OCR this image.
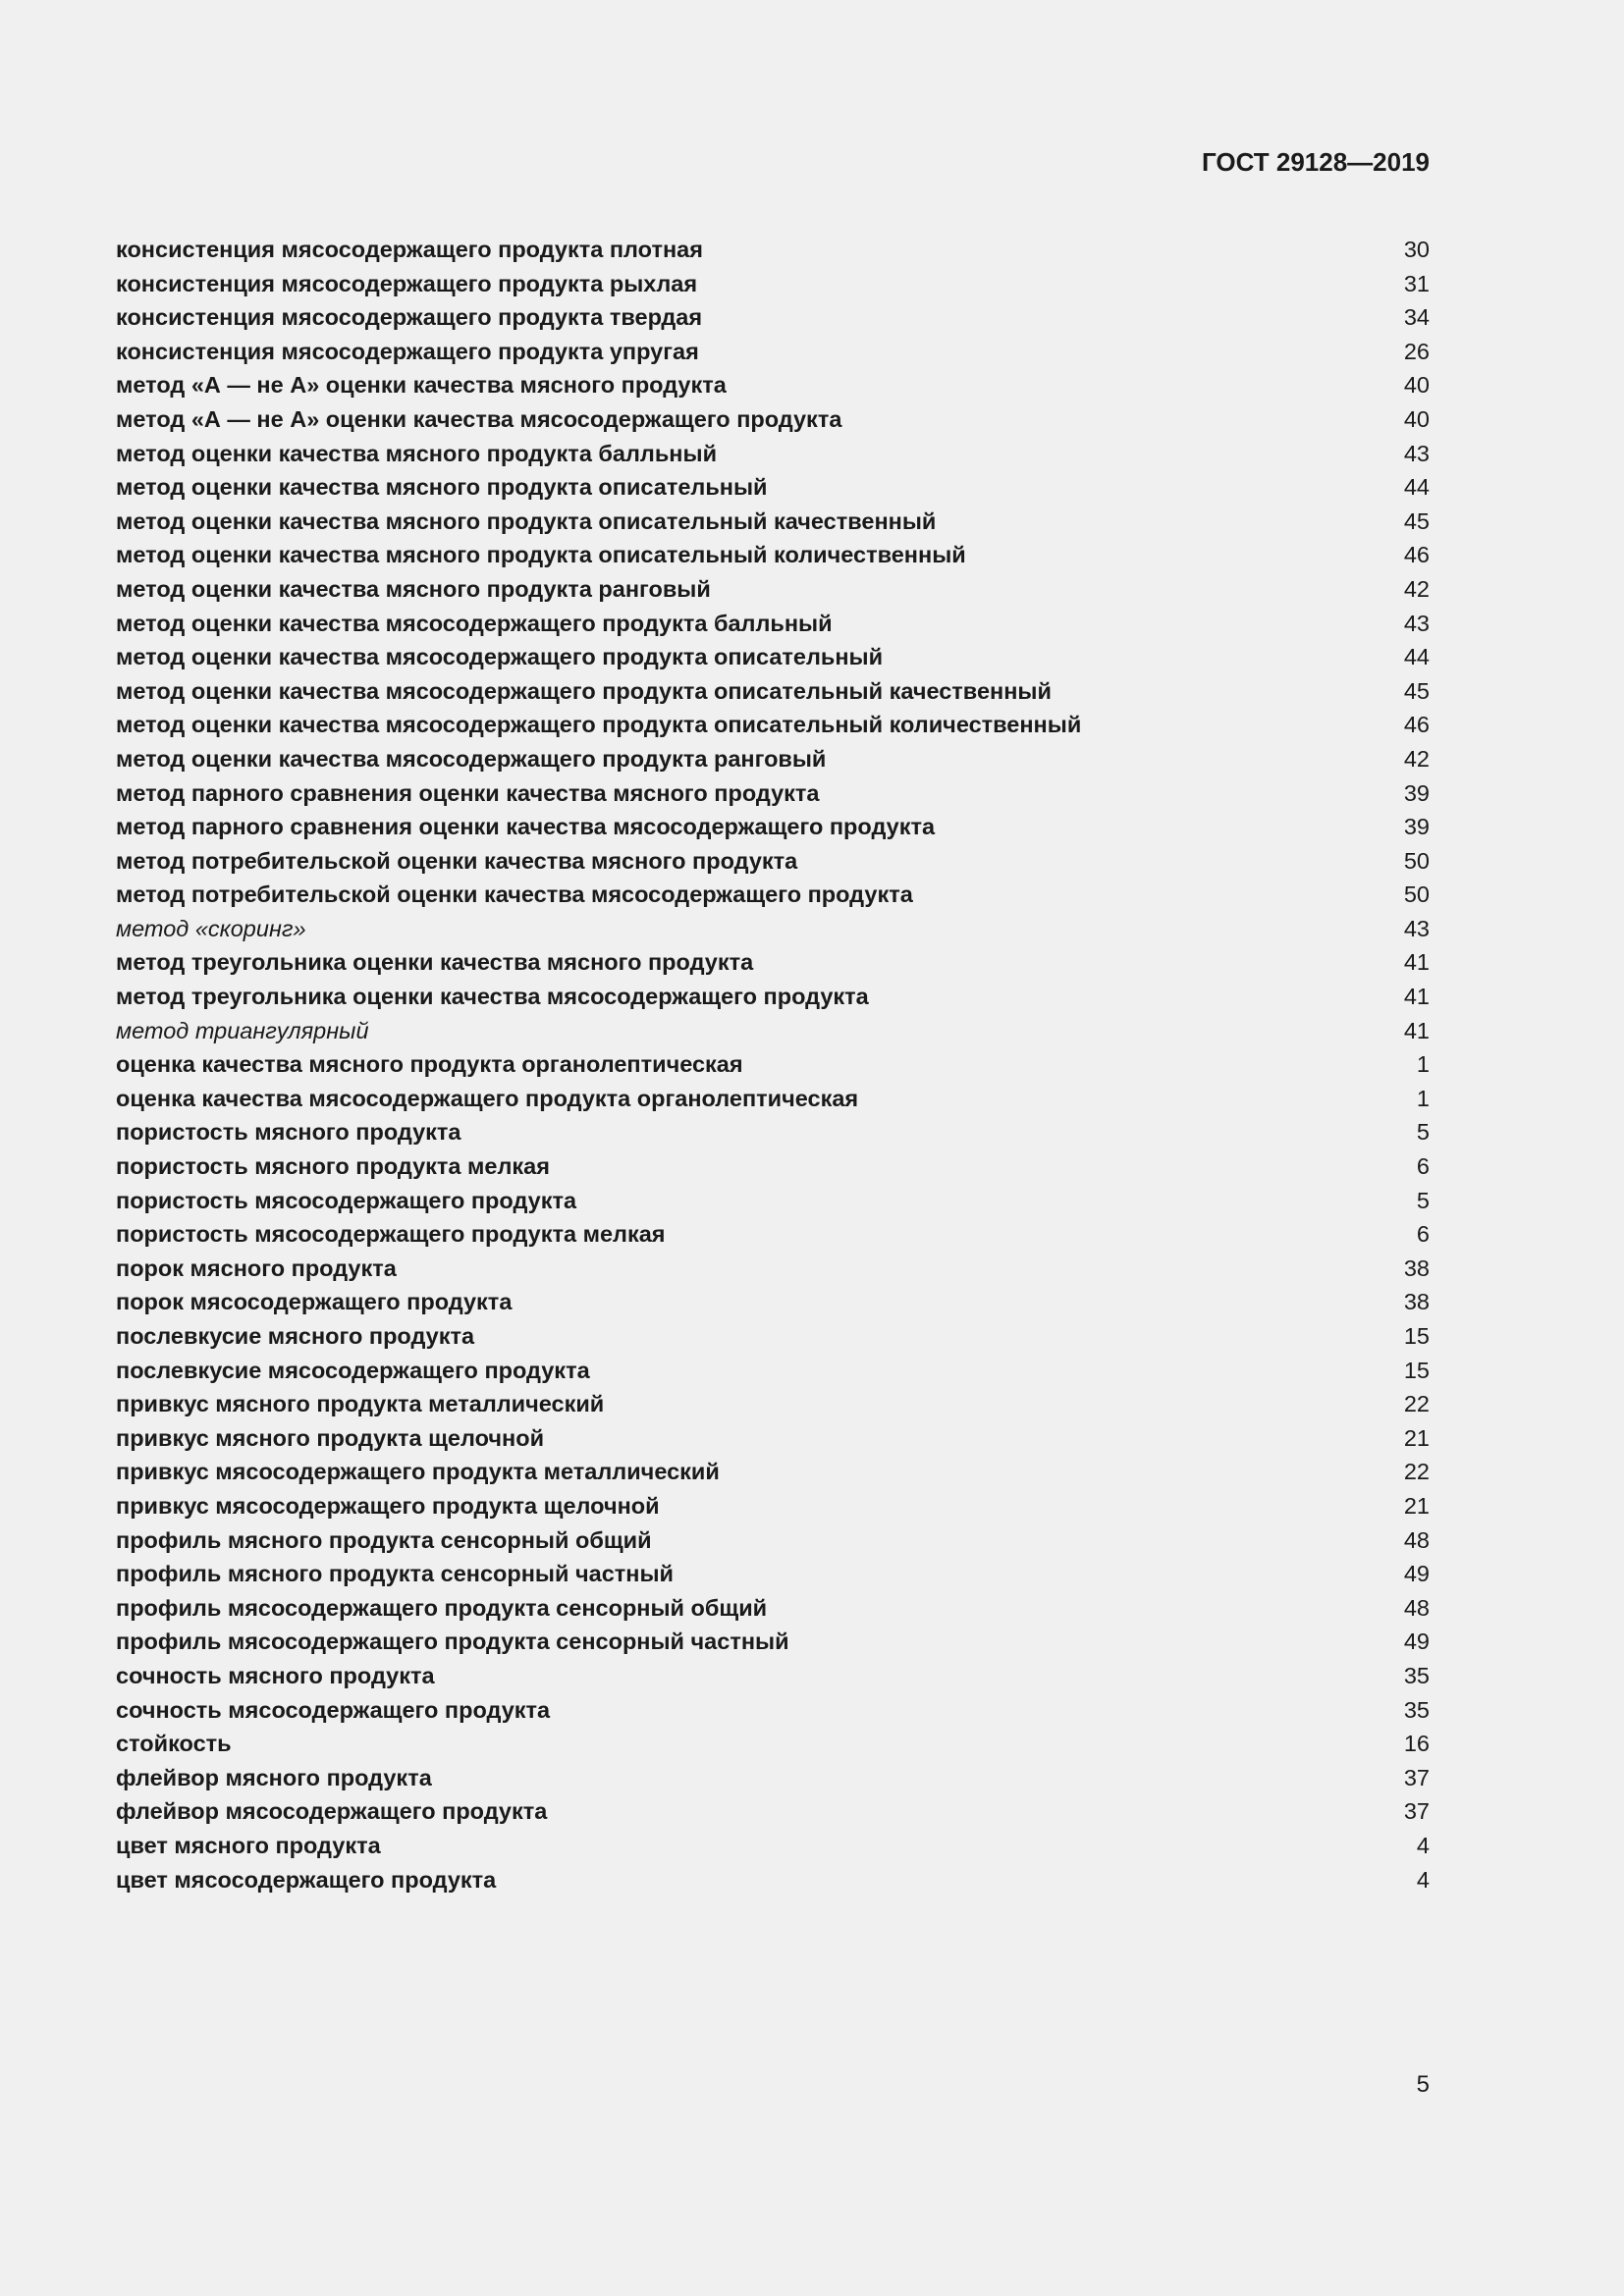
ГОСТ 29128—2019
консистенция мясосодержащего продукта плотная	30
консистенция мясосодержащего продукта рыхлая	31
консистенция мясосодержащего продукта твердая	34
консистенция мясосодержащего продукта упругая	26
метод «А — не А» оценки качества мясного продукта	40
метод «А — не А» оценки качества мясосодержащего продукта	40
метод оценки качества мясного продукта балльный	43
метод оценки качества мясного продукта описательный	44
метод оценки качества мясного продукта описательный качественный	45
метод оценки качества мясного продукта описательный количественный	46
метод оценки качества мясного продукта ранговый	42
метод оценки качества мясосодержащего продукта балльный	43
метод оценки качества мясосодержащего продукта описательный	44
метод оценки качества мясосодержащего продукта описательный качественный	45
метод оценки качества мясосодержащего продукта описательный количественный	46
метод оценки качества мясосодержащего продукта ранговый	42
метод парного сравнения оценки качества мясного продукта	39
метод парного сравнения оценки качества мясосодержащего продукта	39
метод потребительской оценки качества мясного продукта	50
метод потребительской оценки качества мясосодержащего продукта	50
метод «скоринг»	43
метод треугольника оценки качества мясного продукта	41
метод треугольника оценки качества мясосодержащего продукта	41
метод триангулярный	41
оценка качества мясного продукта органолептическая	1
оценка качества мясосодержащего продукта органолептическая	1
пористость мясного продукта	5
пористость мясного продукта мелкая	6
пористость мясосодержащего продукта	5
пористость мясосодержащего продукта мелкая	6
порок мясного продукта	38
порок мясосодержащего продукта	38
послевкусие мясного продукта	15
послевкусие мясосодержащего продукта	15
привкус мясного продукта металлический	22
привкус мясного продукта щелочной	21
привкус мясосодержащего продукта металлический	22
привкус мясосодержащего продукта щелочной	21
профиль мясного продукта сенсорный общий	48
профиль мясного продукта сенсорный частный	49
профиль мясосодержащего продукта сенсорный общий	48
профиль мясосодержащего продукта сенсорный частный	49
сочность мясного продукта	35
сочность мясосодержащего продукта	35
стойкость	16
флейвор мясного продукта	37
флейвор мясосодержащего продукта	37
цвет мясного продукта	4
цвет мясосодержащего продукта	4
5
